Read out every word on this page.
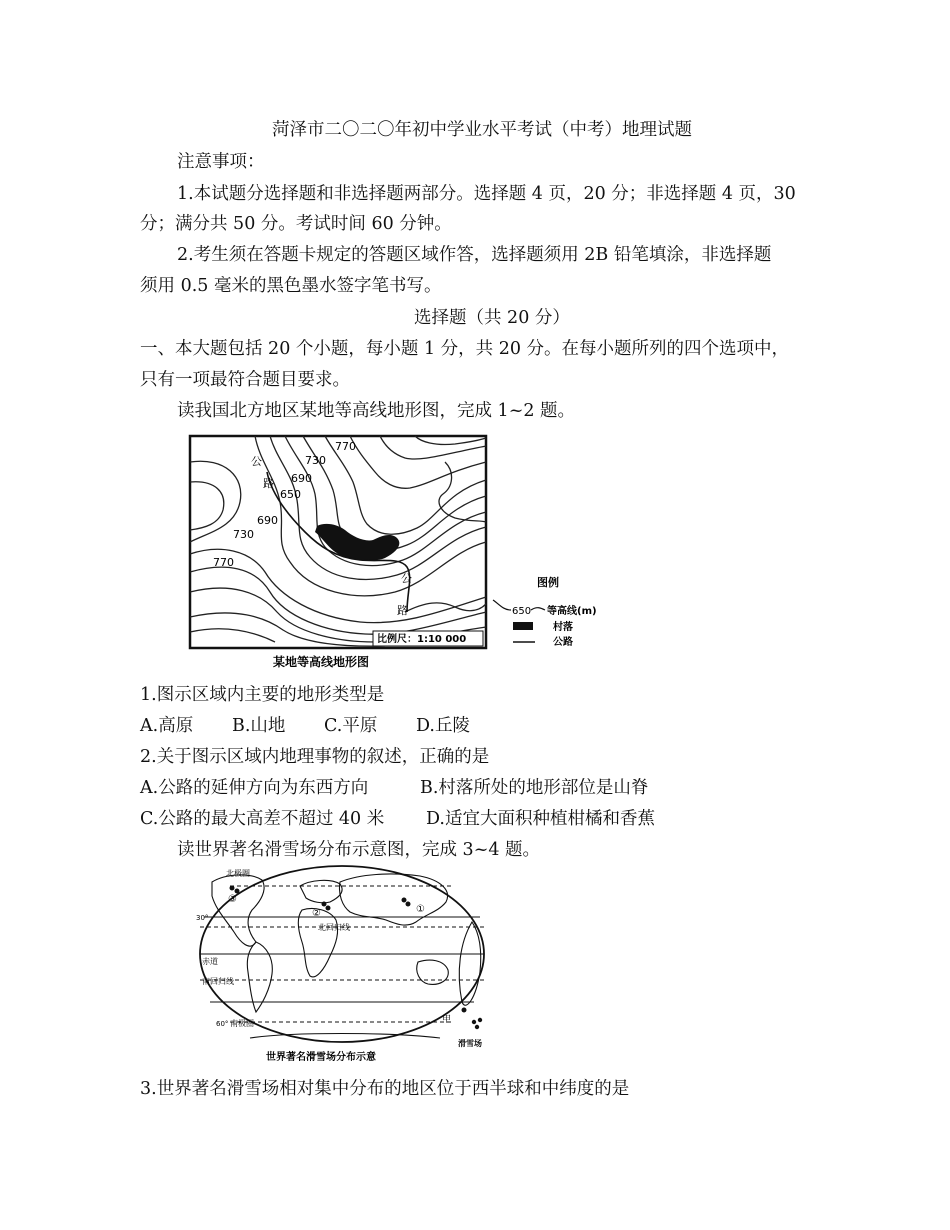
菏泽市二〇二〇年初中学业水平考试（中考）地理试题
注意事项：
1.本试题分选择题和非选择题两部分。选择题 4 页，20 分；非选择题 4 页，30
分；满分共 50 分。考试时间 60 分钟。
2.考生须在答题卡规定的答题区域作答，选择题须用 2B 铅笔填涂，非选择题
须用 0.5 毫米的黑色墨水签字笔书写。
选择题（共 20 分）
一、本大题包括 20 个小题，每小题 1 分，共 20 分。在每小题所列的四个选项中，
只有一项最符合题目要求。
读我国北方地区某地等高线地形图，完成 1~2 题。
公
路
公
路
770
730
690
650
690
730
770
比例尺：1:10 000
图例
650 等高线(m)
村落
公路
某地等高线地形图
1.图示区域内主要的地形类型是
A.高原 B.山地 C.平原 D.丘陵
2.关于图示区域内地理事物的叙述，正确的是
A.公路的延伸方向为东西方向	B.村落所处的地形部位是山脊
C.公路的最大高差不超过 40 米 D.适宜大面积种植柑橘和香蕉
读世界著名滑雪场分布示意图，完成 3~4 题。
北极圈
③
②	①
北回归线
30°
赤道
南回归线
60° 南极圈	甲
滑雪场
世界著名滑雪场分布示意
3.世界著名滑雪场相对集中分布的地区位于西半球和中纬度的是
